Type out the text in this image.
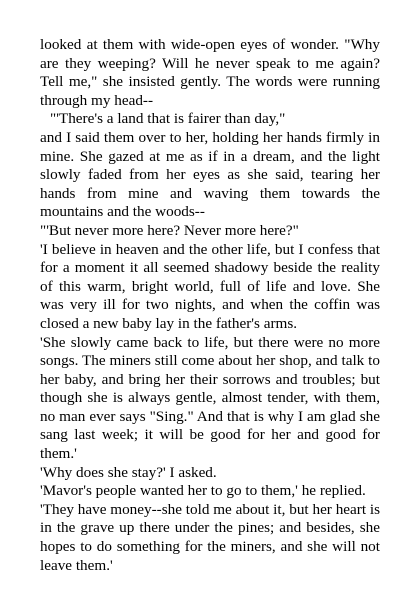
looked at them with wide-open eyes of wonder. "Why are they weeping? Will he never speak to me again? Tell me," she insisted gently. The words were running through my head--

"'There's a land that is fairer than day,"

and I said them over to her, holding her hands firmly in mine. She gazed at me as if in a dream, and the light slowly faded from her eyes as she said, tearing her hands from mine and waving them towards the mountains and the woods--

"'But never more here? Never more here?"

'I believe in heaven and the other life, but I confess that for a moment it all seemed shadowy beside the reality of this warm, bright world, full of life and love. She was very ill for two nights, and when the coffin was closed a new baby lay in the father's arms.

'She slowly came back to life, but there were no more songs. The miners still come about her shop, and talk to her baby, and bring her their sorrows and troubles; but though she is always gentle, almost tender, with them, no man ever says "Sing." And that is why I am glad she sang last week; it will be good for her and good for them.'

'Why does she stay?' I asked.

'Mavor's people wanted her to go to them,' he replied.

'They have money--she told me about it, but her heart is in the grave up there under the pines; and besides, she hopes to do something for the miners, and she will not leave them.'
